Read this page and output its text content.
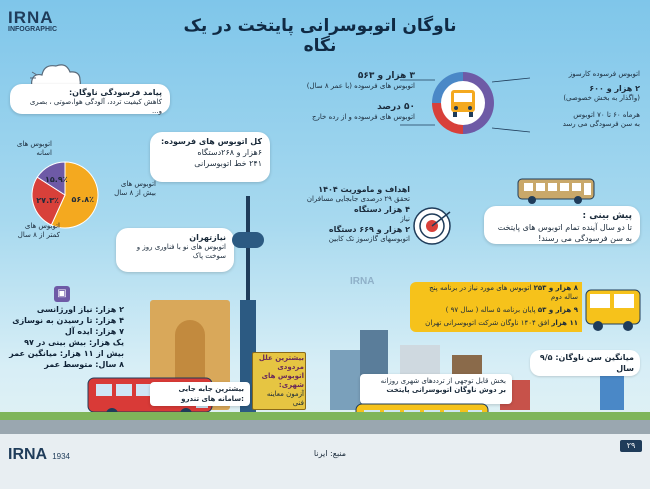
IRNA
INFOGRAPHIC	ناوگان اتوبوسرانی پایتخت در یک نگاه
پیامد فرسودگی ناوگان:
کاهش کیفیت تردد، آلودگی هوا،صوتی ، بصری و...
کل اتوبوس های فرسوده:
۶هزار و ۲۶۸دستگاه
۲۴۱ خط اتوبوسرانی
۵۶.۸٪
۲۷.۳٪
۱۵.۹٪
اتوبوس های
اسانه
اتوبوس های
بیش از ۸ سال
اتوبوس های
کمتر از ۸ سال	نیازتهران
اتوبوس های نو با فناوری روز و سوخت پاک
▣
۲ هزار: نیاز اورژانسی
۴ هزار: تا رسیدن به نوسازی
۷ هزار: ایده آل
یک هزار: بیش بینی در ۹۷
بیش از ۱۱ هزار: میانگین عمر
۸ سال: متوسط عمر
۳ هزار و ۵۶۳
اتوبوس های فرسوده (با عمر ۸ سال)
۵۰ درصد
اتوبوس های فرسوده و از رده خارج
اتوبوس فرسوده کارسوز
۲ هزار و ۶۰۰
(واگذار به بخش خصوصی)
هرماه ۶۰ تا ۷۰ اتوبوس
به سن فرسودگی می رسد
اهداف و ماموریت ۱۴۰۴
تحقق ۲۹ درصدی جابجایی مسافران
۴ هزار دستگاه
نیاز
۲ هزار و ۶۶۹ دستگاه
اتوبوسهای گازسوز تک کابین
پیش بینی :
تا دو سال آینده تمام اتوبوس های پایتخت به سن فرسودگی می رسند!
IRNA
۸ هزار و ۲۵۳ اتوبوس های مورد نیاز در برنامه پنج ساله دوم
۹ هزار و ۵۳ پایان برنامه ۵ ساله ( سال ۹۷ )
۱۱ هزار افق ۱۴۰۴ ناوگان شرکت اتوبوسرانی تهران
میانگین سن ناوگان: ۹/۵ سال
بیشترین علل مردودی اتوبوس های شهری:
آزمون معاینه فنی
بخش قابل توجهی از ترددهای شهری روزانه
بر دوش ناوگان اتوبوسرانی پایتخت
بیشترین جابه جایی :سامانه های تندرو
IRNA 1934	منبع: ایرنا
۲۹
